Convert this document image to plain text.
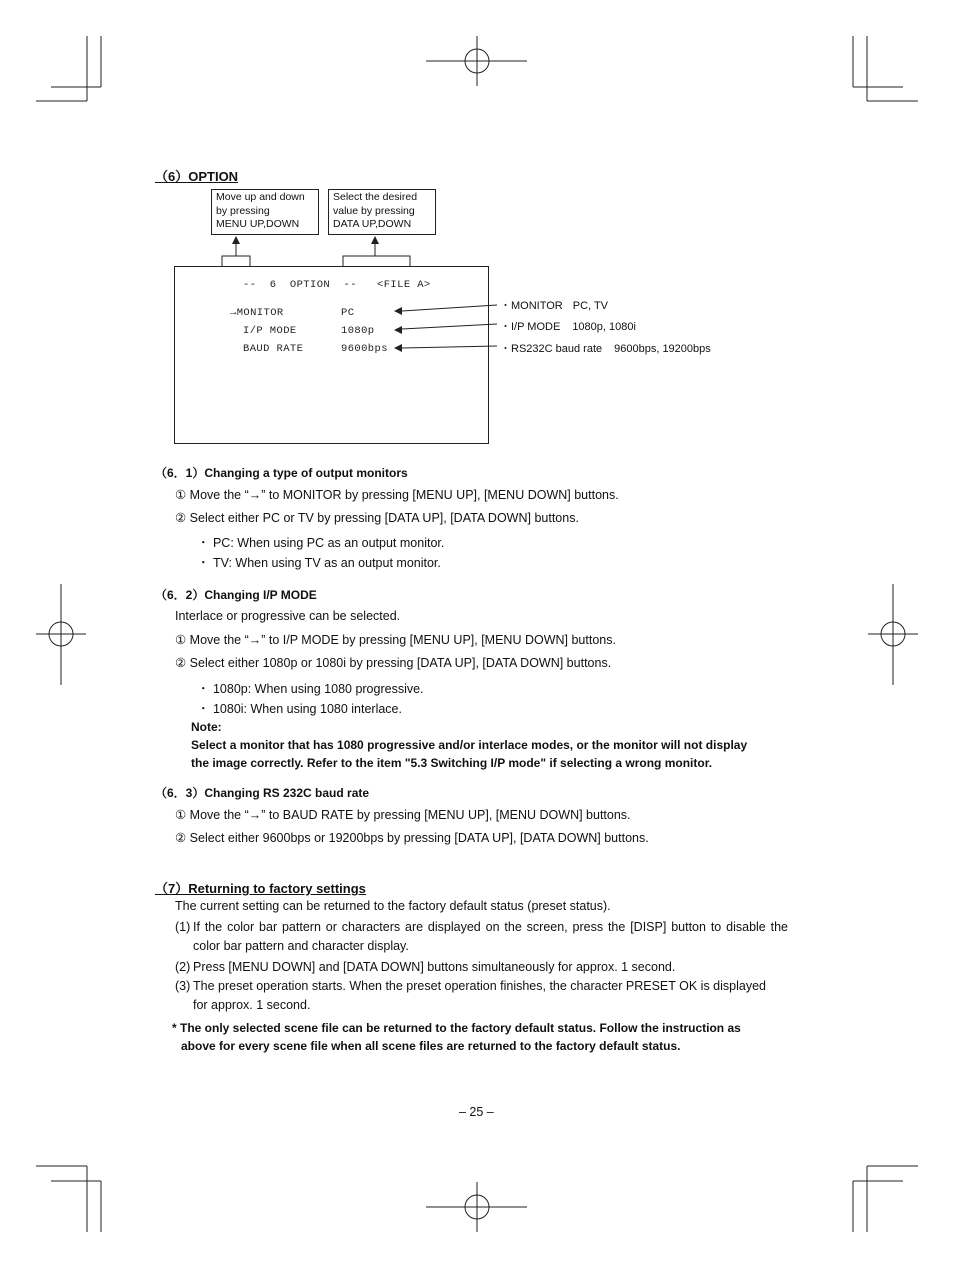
（6）OPTION
Move up and down
by pressing
MENU UP,DOWN
Select the desired
value by pressing
DATA UP,DOWN
--  6  OPTION  --   <FILE A>
→MONITOR	PC
I/P MODE	1080p
BAUD RATE	9600bps
・MONITOR PC, TV
・I/P MODE 1080p, 1080i
・RS232C baud rate 9600bps, 19200bps
（6．1）Changing a type of output monitors
① Move the “→” to MONITOR by pressing [MENU UP], [MENU DOWN] buttons.
② Select either PC or TV by pressing [DATA UP], [DATA DOWN] buttons.
・ PC: When using PC as an output monitor.
・ TV: When using TV as an output monitor.
（6．2）Changing I/P MODE
Interlace or progressive can be selected.
① Move the “→” to I/P MODE by pressing [MENU UP], [MENU DOWN] buttons.
② Select either 1080p or 1080i by pressing [DATA UP], [DATA DOWN] buttons.
・ 1080p: When using 1080 progressive.
・ 1080i: When using 1080 interlace.
Note:
Select a monitor that has 1080 progressive and/or interlace modes, or the monitor will not display
the image correctly. Refer to the item "5.3 Switching I/P mode" if selecting a wrong monitor.
（6．3）Changing RS 232C baud rate
① Move the “→” to BAUD RATE by pressing [MENU UP], [MENU DOWN] buttons.
② Select either 9600bps or 19200bps by pressing [DATA UP], [DATA DOWN] buttons.
（7）Returning to factory settings
The current setting can be returned to the factory default status (preset status).
(1) If the color bar pattern or characters are displayed on the screen, press the [DISP] button to disable the
color bar pattern and character display.
(2) Press [MENU DOWN] and [DATA DOWN] buttons simultaneously for approx. 1 second.
(3) The preset operation starts. When the preset operation finishes, the character PRESET OK is displayed
for approx. 1 second.
* The only selected scene file can be returned to the factory default status. Follow the instruction as
above for every scene file when all scene files are returned to the factory default status.
– 25 –
